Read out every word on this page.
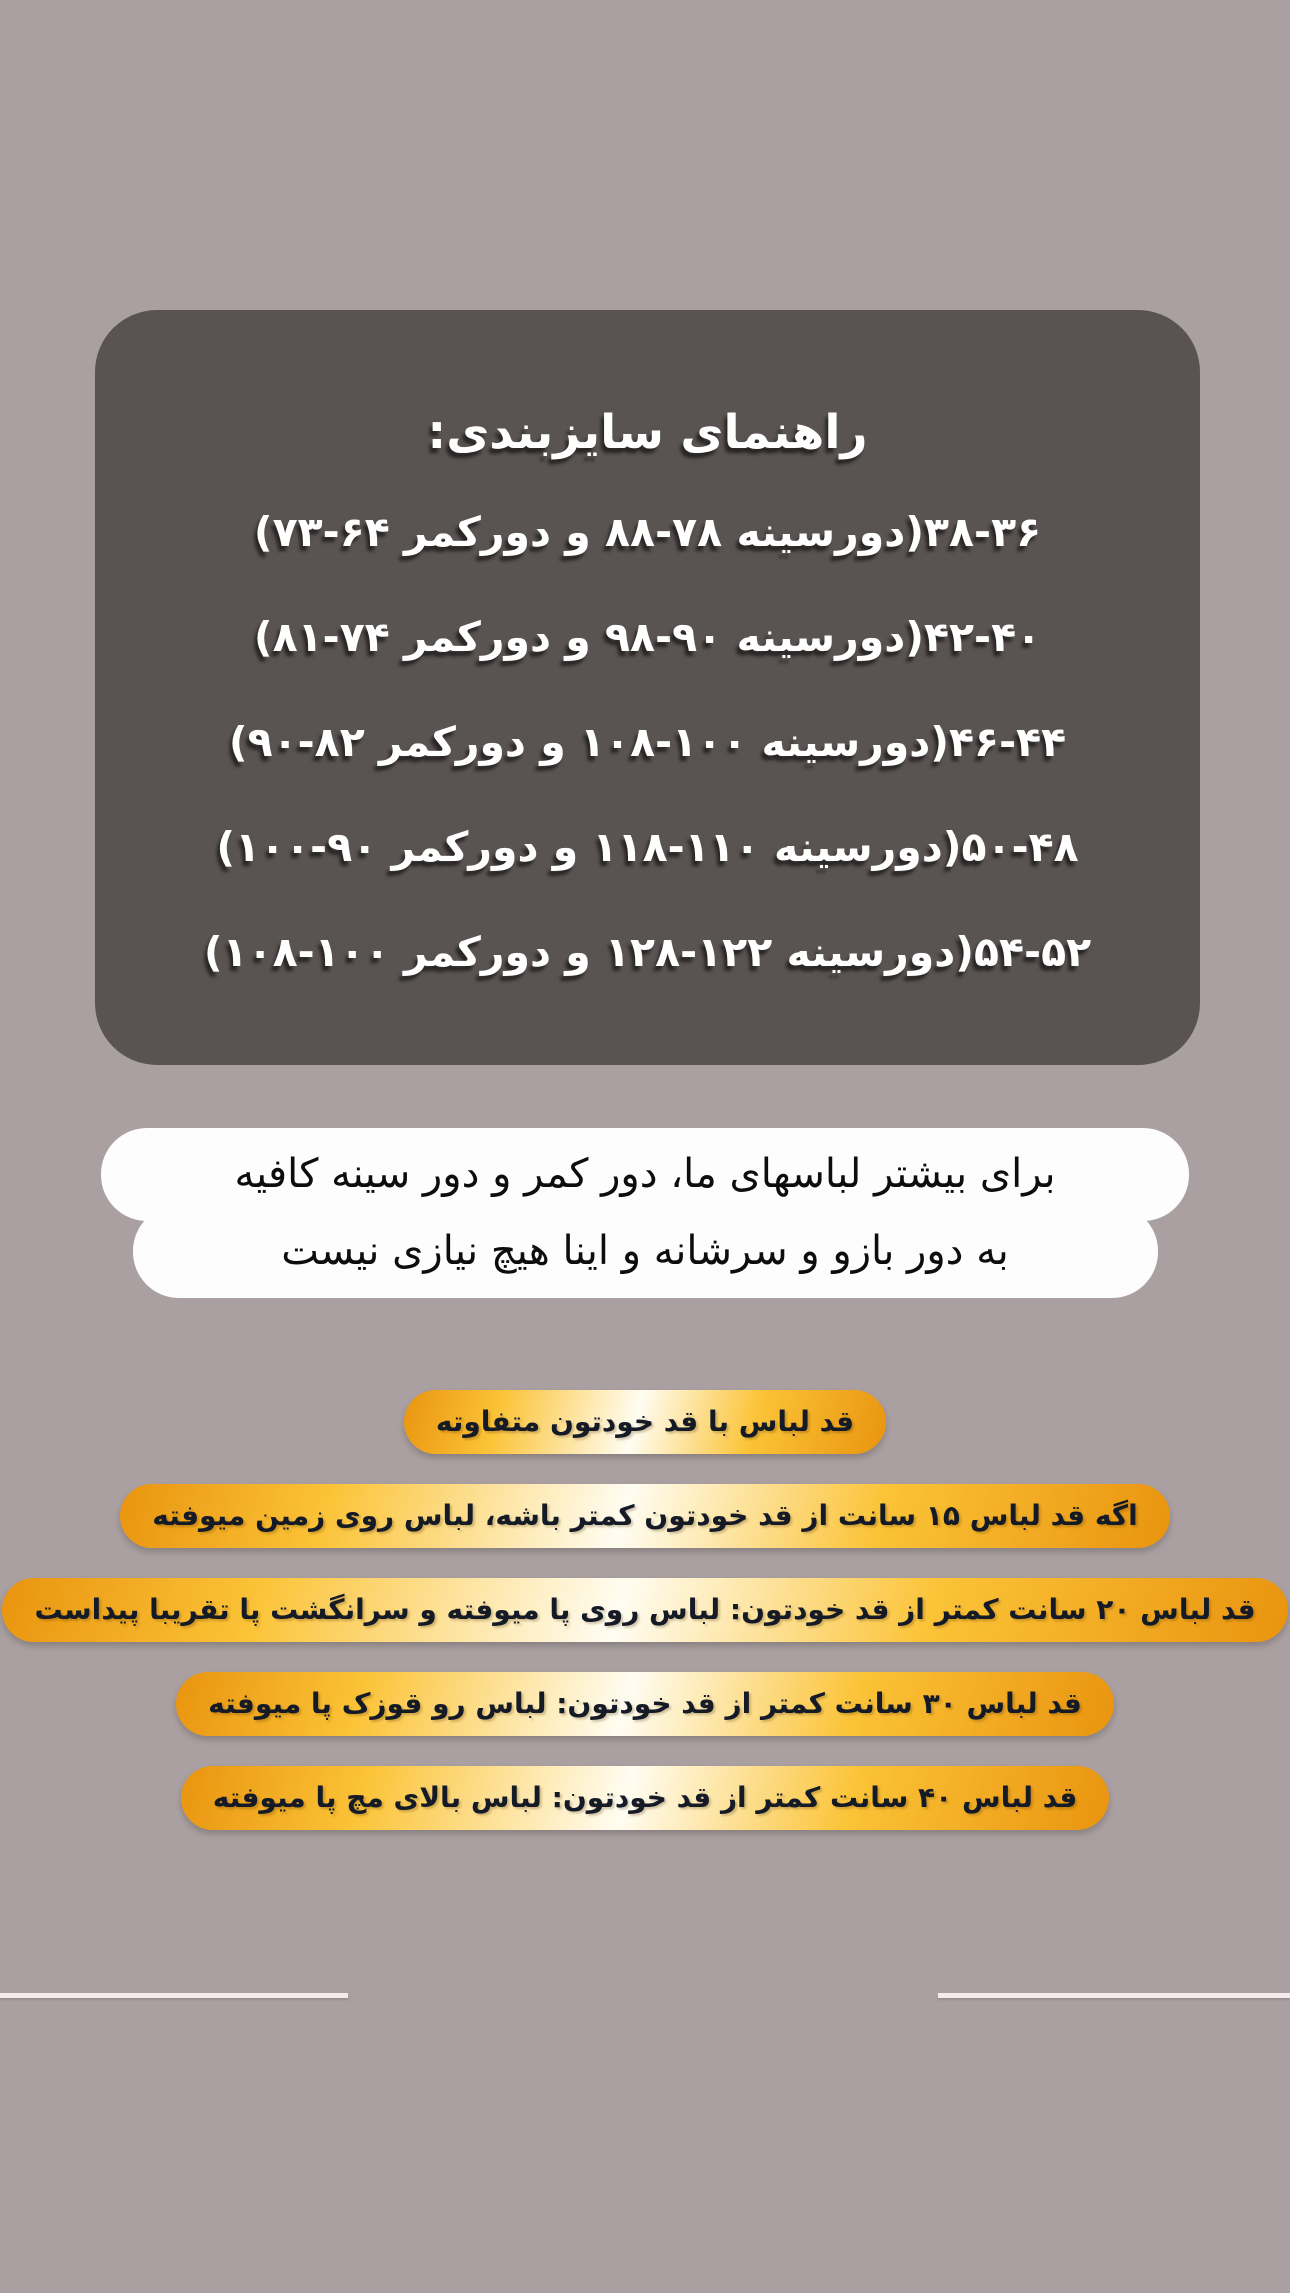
راهنمای سایزبندی:
۳۶‏-‏۳۸(دورسینه ۷۸‏-‏۸۸ و دورکمر ۶۴‏-‏۷۳)
۴۰‏-‏۴۲(دورسینه ۹۰‏-‏۹۸ و دورکمر ۷۴‏-‏۸۱)
۴۴‏-‏۴۶(دورسینه ۱۰۰‏-‏۱۰۸ و دورکمر ۸۲‏-‏۹۰)
۴۸‏-‏۵۰(دورسینه ۱۱۰‏-‏۱۱۸ و دورکمر ۹۰‏-‏۱۰۰)
۵۲‏-‏۵۴(دورسینه ۱۲۲‏-‏۱۲۸ و دورکمر ۱۰۰‏-‏۱۰۸)
برای بیشتر لباسهای ما، دور کمر و دور سینه کافیه
به دور بازو و سرشانه و اینا هیچ نیازی نیست
قد لباس با قد خودتون متفاوته
اگه قد لباس ۱۵ سانت از قد خودتون کمتر باشه، لباس روی زمین میوفته
قد لباس ۲۰ سانت کمتر از قد خودتون: لباس روی پا میوفته و سرانگشت پا تقریبا پیداست
قد لباس ۳۰ سانت کمتر از قد خودتون: لباس رو قوزک پا میوفته
قد لباس ۴۰ سانت کمتر از قد خودتون: لباس بالای مچ پا میوفته
